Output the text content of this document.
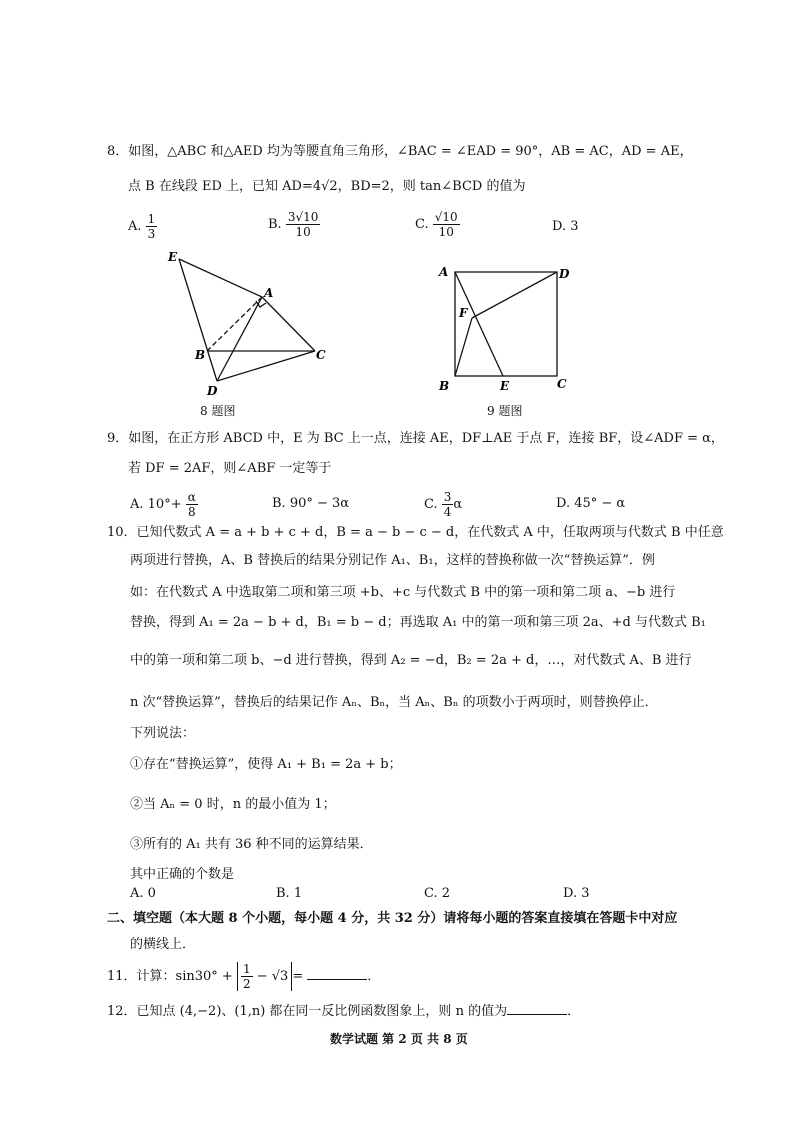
8．如图，△ABC 和△AED 均为等腰直角三角形，∠BAC = ∠EAD = 90°，AB = AC，AD = AE，
点 B 在线段 ED 上，已知 AD=4√2，BD=2，则 tan∠BCD 的值为
A. $\frac{1}{3}$	B. $\frac{3√10}{10}$	C. $\frac{√10}{10}$	D. 3
E
A
B	C
D
8 题图
A	D
F
B	E	C
9 题图
9．如图，在正方形 ABCD 中，E 为 BC 上一点，连接 AE，DF⊥AE 于点 F，连接 BF，设∠ADF = α，
若 DF = 2AF，则∠ABF 一定等于
A. $10^\circ+ \frac{\alpha}{8}$	B. 90° − 3α	C. $\frac{3}{4}$ α	D. 45° − α
10．已知代数式 A = a + b + c + d，B = a − b − c − d，在代数式 A 中，任取两项与代数式 B 中任意
两项进行替换，A、B 替换后的结果分别记作 A₁、B₁，这样的替换称做一次“替换运算”．例
如：在代数式 A 中选取第二项和第三项 +b、+c 与代数式 B 中的第一项和第二项 a、−b 进行
替换，得到 A₁ = 2a − b + d，B₁ = b − d；再选取 A₁ 中的第一项和第三项 2a、+d 与代数式 B₁
中的第一项和第二项 b、−d 进行替换，得到 A₂ = −d，B₂ = 2a + d，…，对代数式 A、B 进行
n 次“替换运算”，替换后的结果记作 Aₙ、Bₙ，当 Aₙ、Bₙ 的项数小于两项时，则替换停止．
下列说法：
①存在“替换运算”，使得 A₁ + B₁ = 2a + b；
②当 Aₙ = 0 时，n 的最小值为 1；
③所有的 A₁ 共有 36 种不同的运算结果．
其中正确的个数是
A. 0	B. 1	C. 2	D. 3
二、填空题（本大题 8 个小题，每小题 4 分，共 32 分）请将每小题的答案直接填在答题卡中对应
的横线上．
11．计算：$\sin 30^\circ + \frac{1}{2} - √3$ =	．
12．已知点 (4,−2)、(1,n) 都在同一反比例函数图象上，则 n 的值为	．
数学试题 第 2 页 共 8 页
